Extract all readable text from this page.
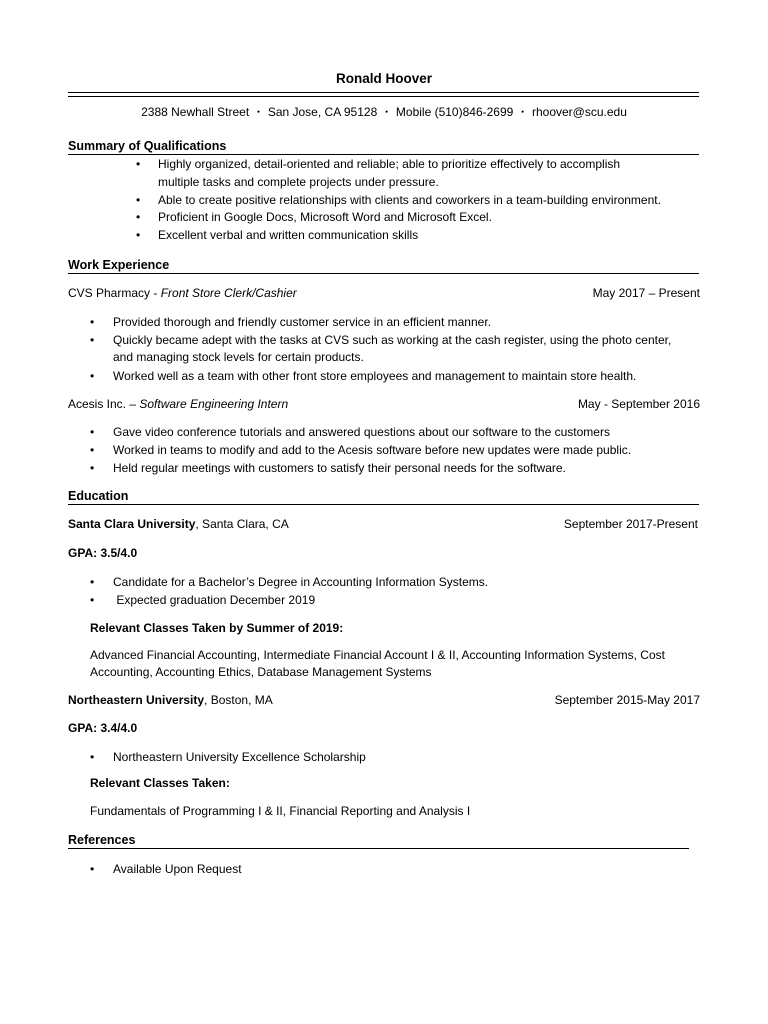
Ronald Hoover
2388 Newhall Street ・ San Jose, CA 95128 ・ Mobile (510)846-2699 ・ rhoover@scu.edu
Summary of Qualifications
• Highly organized, detail-oriented and reliable; able to prioritize effectively to accomplish
multiple tasks and complete projects under pressure.
• Able to create positive relationships with clients and coworkers in a team-building environment.
• Proficient in Google Docs, Microsoft Word and Microsoft Excel.
• Excellent verbal and written communication skills
Work Experience
CVS Pharmacy - Front Store Clerk/Cashier	May 2017 – Present
• Provided thorough and friendly customer service in an efficient manner.
• Quickly became adept with the tasks at CVS such as working at the cash register, using the photo center,
and managing stock levels for certain products.
• Worked well as a team with other front store employees and management to maintain store health.
Acesis Inc. – Software Engineering Intern	May - September 2016
• Gave video conference tutorials and answered questions about our software to the customers
• Worked in teams to modify and add to the Acesis software before new updates were made public.
• Held regular meetings with customers to satisfy their personal needs for the software.
Education
Santa Clara University, Santa Clara, CA	September 2017-Present
GPA: 3.5/4.0
• Candidate for a Bachelor’s Degree in Accounting Information Systems.
• Expected graduation December 2019
Relevant Classes Taken by Summer of 2019:
Advanced Financial Accounting, Intermediate Financial Account I & II, Accounting Information Systems, Cost
Accounting, Accounting Ethics, Database Management Systems
Northeastern University, Boston, MA	September 2015-May 2017
GPA: 3.4/4.0
• Northeastern University Excellence Scholarship
Relevant Classes Taken:
Fundamentals of Programming I & II, Financial Reporting and Analysis I
References
• Available Upon Request
